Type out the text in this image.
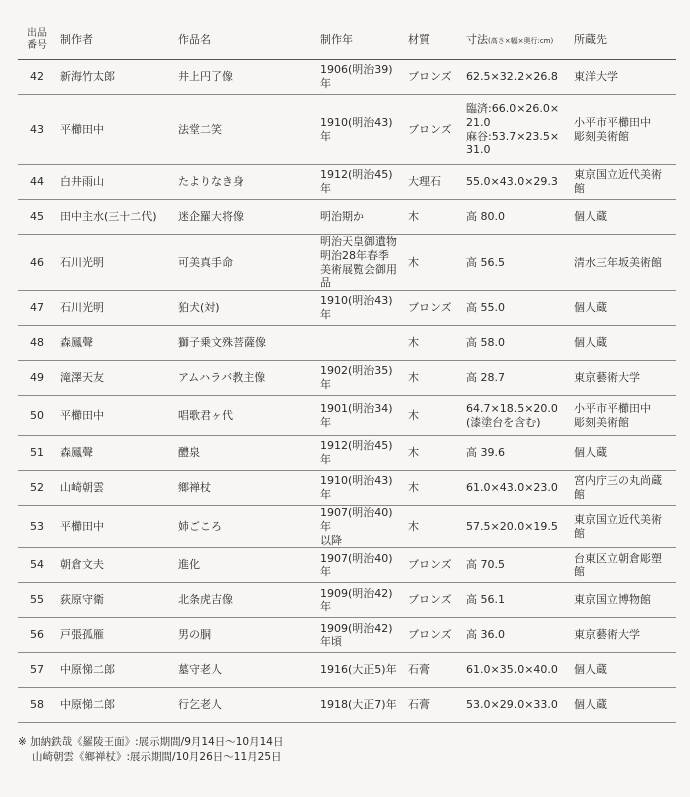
出品
番号	制作者	作品名	制作年	材質	寸法(高さ×幅×奥行:cm)	所蔵先
42	新海竹太郎	井上円了像	1906(明治39)年	ブロンズ	62.5×32.2×26.8	東洋大学
43	平櫛田中	法堂二笑	1910(明治43)年	ブロンズ	臨済:66.0×26.0×
21.0
麻谷:53.7×23.5×
31.0	小平市平櫛田中
彫刻美術館
44	白井雨山	たよりなき身	1912(明治45)年	大理石	55.0×43.0×29.3	東京国立近代美術館
45	田中主水(三十二代)	迷企羅大将像	明治期か	木	高 80.0	個人蔵
46	石川光明	可美真手命	明治天皇御遺物
明治28年春季
美術展覧会御用品	木	高 56.5	清水三年坂美術館
47	石川光明	狛犬(対)	1910(明治43)年	ブロンズ	高 55.0	個人蔵
48	森鳳聲	獅子乗文殊菩薩像		木	高 58.0	個人蔵
49	滝澤天友	アムハラバ教主像	1902(明治35)年	木	高 28.7	東京藝術大学
50	平櫛田中	唱歌君ヶ代	1901(明治34)年	木	64.7×18.5×20.0
(漆塗台を含む)	小平市平櫛田中
彫刻美術館
51	森鳳聲	醴泉	1912(明治45)年	木	高 39.6	個人蔵
52	山崎朝雲	鄉禅杖	1910(明治43)年	木	61.0×43.0×23.0	宮内庁三の丸尚蔵館
53	平櫛田中	姉ごころ	1907(明治40)年
以降	木	57.5×20.0×19.5	東京国立近代美術館
54	朝倉文夫	進化	1907(明治40)年	ブロンズ	高 70.5	台東区立朝倉彫塑館
55	荻原守衛	北条虎吉像	1909(明治42)年	ブロンズ	高 56.1	東京国立博物館
56	戸張孤雁	男の胴	1909(明治42)年頃	ブロンズ	高 36.0	東京藝術大学
57	中原悌二郎	墓守老人	1916(大正5)年	石膏	61.0×35.0×40.0	個人蔵
58	中原悌二郎	行乞老人	1918(大正7)年	石膏	53.0×29.0×33.0	個人蔵
※ 加納鉄哉《羅陵王面》:展示期間/9月14日〜10月14日
山崎朝雲《鄉禅杖》:展示期間/10月26日〜11月25日
